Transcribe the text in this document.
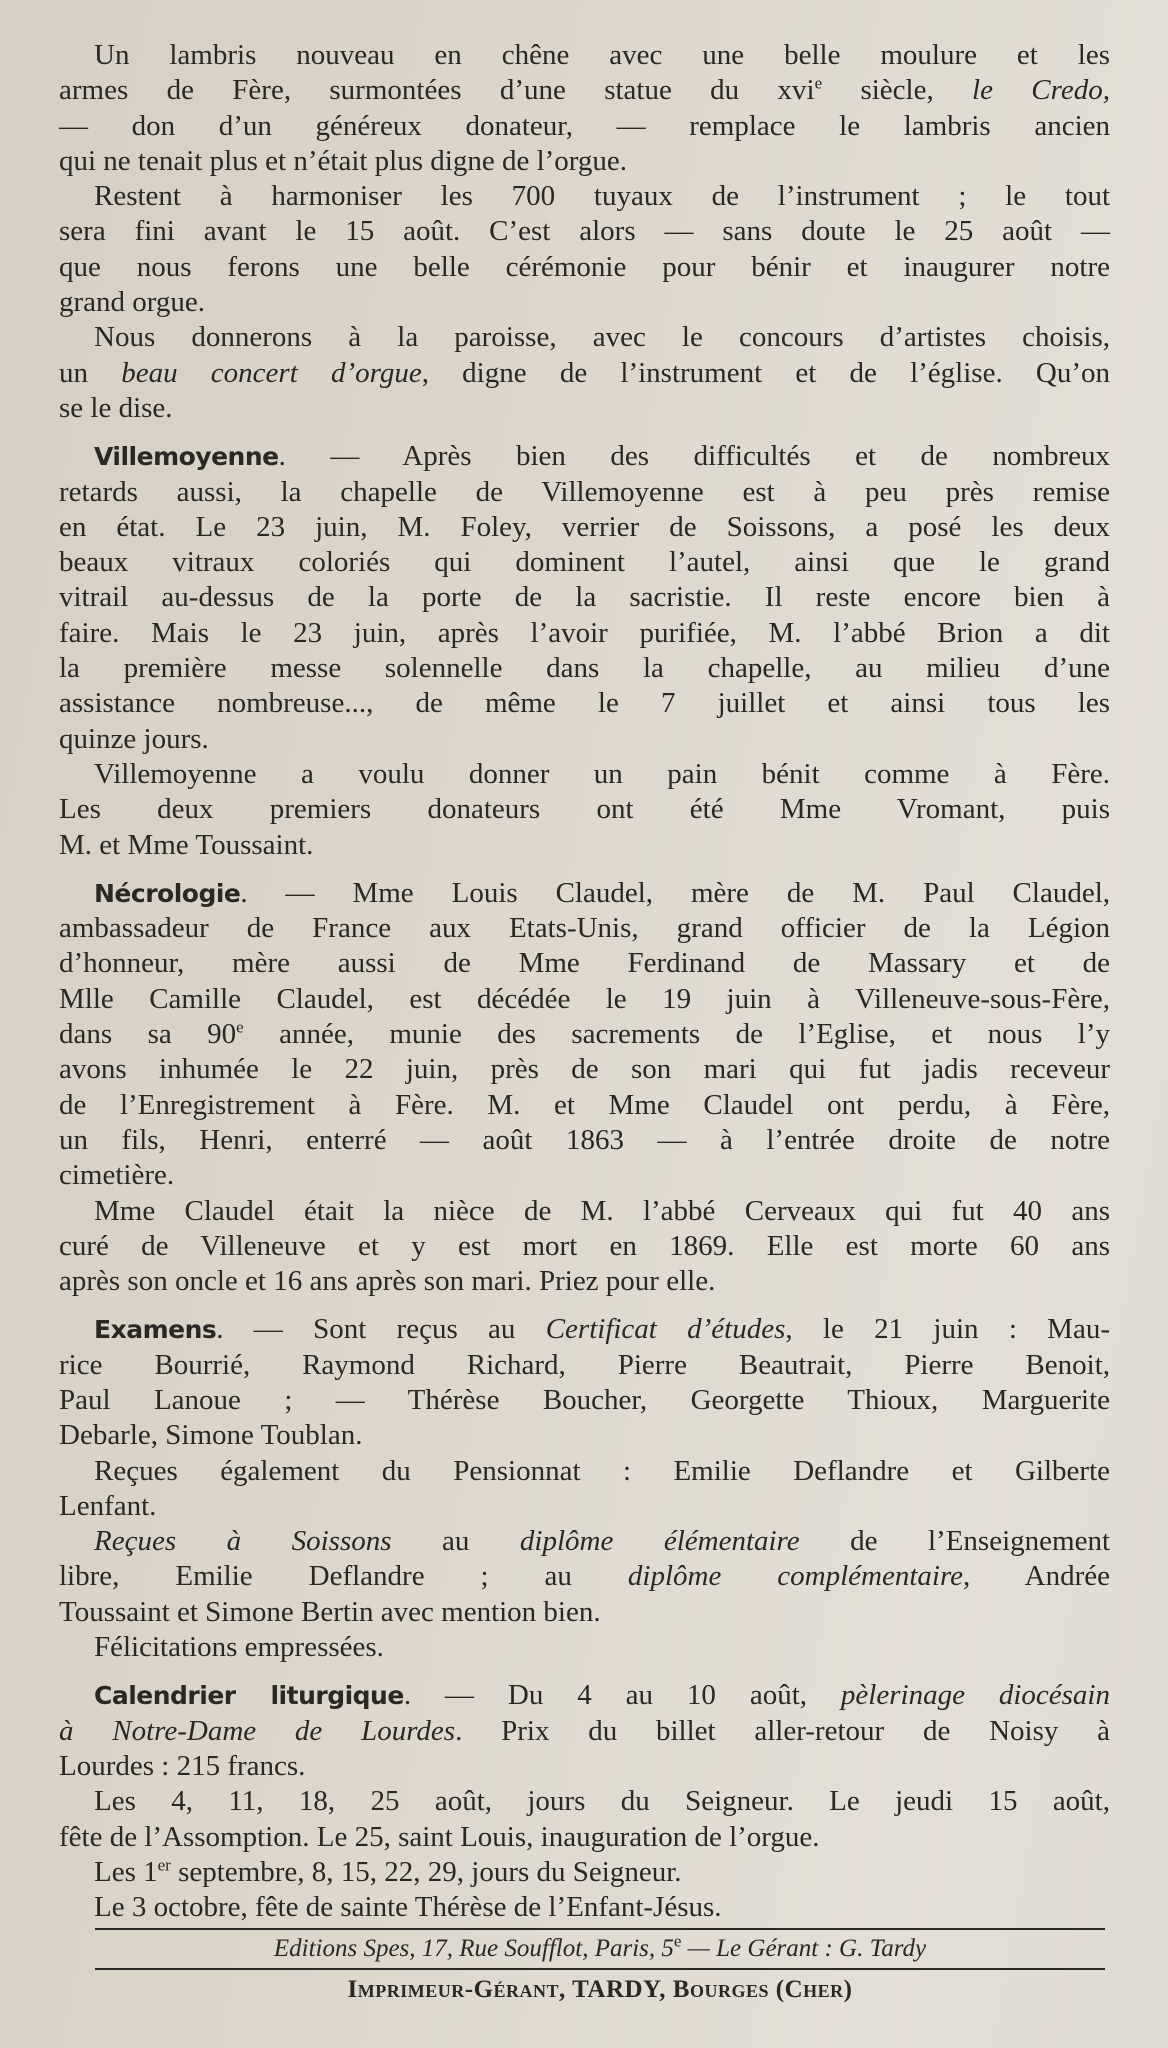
Un lambris nouveau en chêne avec une belle moulure et les
armes de Fère, surmontées d’une statue du xvi$^e$ siècle, le Credo,
— don d’un généreux donateur, — remplace le lambris ancien
qui ne tenait plus et n’était plus digne de l’orgue.
Restent à harmoniser les 700 tuyaux de l’instrument ; le tout
sera fini avant le 15 août. C’est alors — sans doute le 25 août —
que nous ferons une belle cérémonie pour bénir et inaugurer notre
grand orgue.
Nous donnerons à la paroisse, avec le concours d’artistes choisis,
un beau concert d’orgue, digne de l’instrument et de l’église. Qu’on
se le dise.
Villemoyenne. — Après bien des difficultés et de nombreux
retards aussi, la chapelle de Villemoyenne est à peu près remise
en état. Le 23 juin, M. Foley, verrier de Soissons, a posé les deux
beaux vitraux coloriés qui dominent l’autel, ainsi que le grand
vitrail au-dessus de la porte de la sacristie. Il reste encore bien à
faire. Mais le 23 juin, après l’avoir purifiée, M. l’abbé Brion a dit
la première messe solennelle dans la chapelle, au milieu d’une
assistance nombreuse..., de même le 7 juillet et ainsi tous les
quinze jours.
Villemoyenne a voulu donner un pain bénit comme à Fère.
Les deux premiers donateurs ont été Mme Vromant, puis
M. et Mme Toussaint.
Nécrologie. — Mme Louis Claudel, mère de M. Paul Claudel,
ambassadeur de France aux Etats-Unis, grand officier de la Légion
d’honneur, mère aussi de Mme Ferdinand de Massary et de
Mlle Camille Claudel, est décédée le 19 juin à Villeneuve-sous-Fère,
dans sa 90e année, munie des sacrements de l’Eglise, et nous l’y
avons inhumée le 22 juin, près de son mari qui fut jadis receveur
de l’Enregistrement à Fère. M. et Mme Claudel ont perdu, à Fère,
un fils, Henri, enterré — août 1863 — à l’entrée droite de notre
cimetière.
Mme Claudel était la nièce de M. l’abbé Cerveaux qui fut 40 ans
curé de Villeneuve et y est mort en 1869. Elle est morte 60 ans
après son oncle et 16 ans après son mari. Priez pour elle.
Examens. — Sont reçus au Certificat d’études, le 21 juin : Mau-
rice Bourrié, Raymond Richard, Pierre Beautrait, Pierre Benoit,
Paul Lanoue ; — Thérèse Boucher, Georgette Thioux, Marguerite
Debarle, Simone Toublan.
Reçues également du Pensionnat : Emilie Deflandre et Gilberte
Lenfant.
Reçues à Soissons au diplôme élémentaire de l’Enseignement
libre, Emilie Deflandre ; au diplôme complémentaire, Andrée
Toussaint et Simone Bertin avec mention bien.
Félicitations empressées.
Calendrier liturgique. — Du 4 au 10 août, pèlerinage diocésain
à Notre-Dame de Lourdes. Prix du billet aller-retour de Noisy à
Lourdes : 215 francs.
Les 4, 11, 18, 25 août, jours du Seigneur. Le jeudi 15 août,
fête de l’Assomption. Le 25, saint Louis, inauguration de l’orgue.
Les 1er septembre, 8, 15, 22, 29, jours du Seigneur.
Le 3 octobre, fête de sainte Thérèse de l’Enfant-Jésus.
Editions Spes, 17, Rue Soufflot, Paris, 5e — Le Gérant : G. Tardy
Imprimeur-Gérant, TARDY, Bourges (Cher)
